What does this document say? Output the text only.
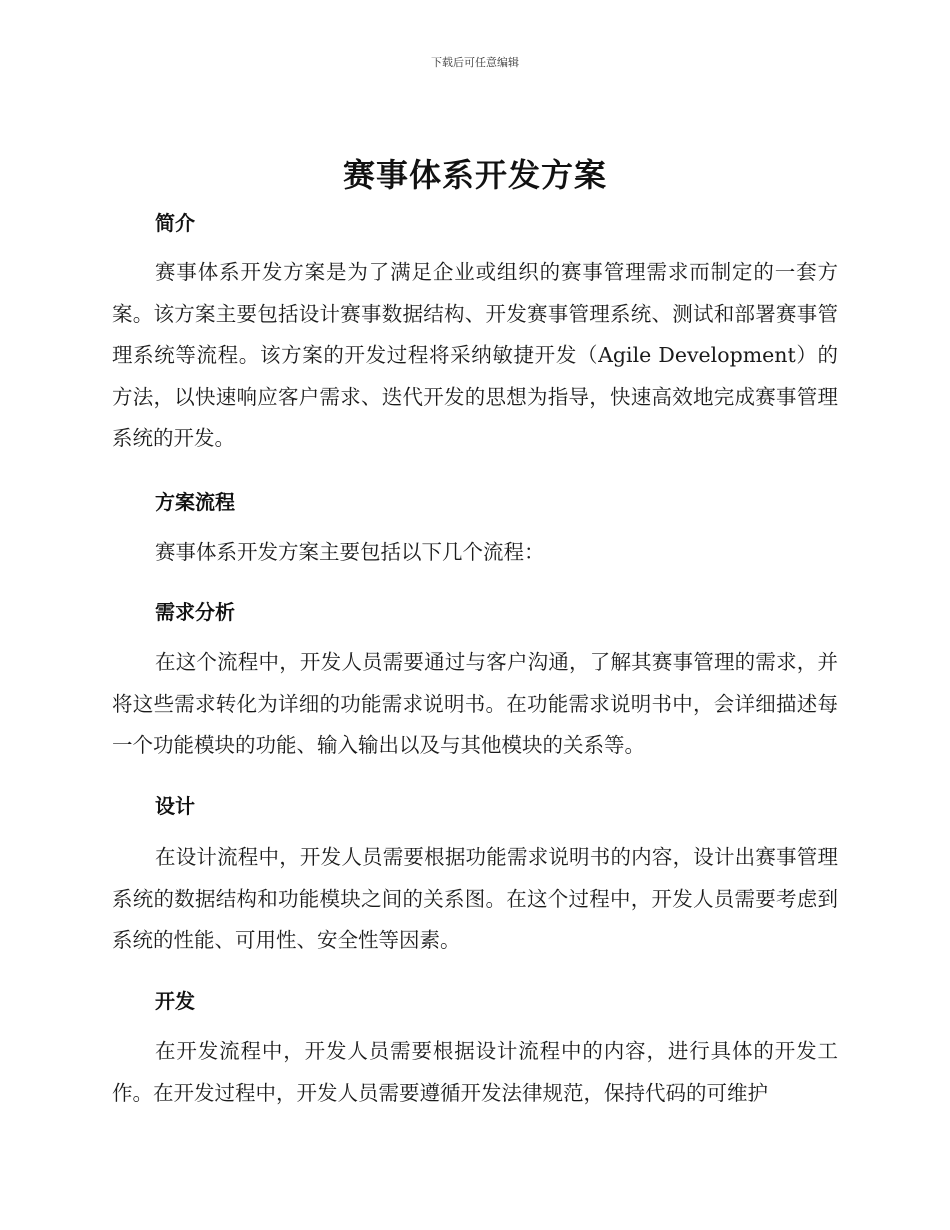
下载后可任意编辑
赛事体系开发方案
简介
赛事体系开发方案是为了满足企业或组织的赛事管理需求而制定的一套方案。该方案主要包括设计赛事数据结构、开发赛事管理系统、测试和部署赛事管理系统等流程。该方案的开发过程将采纳敏捷开发（Agile Development）的方法，以快速响应客户需求、迭代开发的思想为指导，快速高效地完成赛事管理系统的开发。
方案流程
赛事体系开发方案主要包括以下几个流程：
需求分析
在这个流程中，开发人员需要通过与客户沟通，了解其赛事管理的需求，并将这些需求转化为详细的功能需求说明书。在功能需求说明书中，会详细描述每一个功能模块的功能、输入输出以及与其他模块的关系等。
设计
在设计流程中，开发人员需要根据功能需求说明书的内容，设计出赛事管理系统的数据结构和功能模块之间的关系图。在这个过程中，开发人员需要考虑到系统的性能、可用性、安全性等因素。
开发
在开发流程中，开发人员需要根据设计流程中的内容，进行具体的开发工作。在开发过程中，开发人员需要遵循开发法律规范，保持代码的可维护
